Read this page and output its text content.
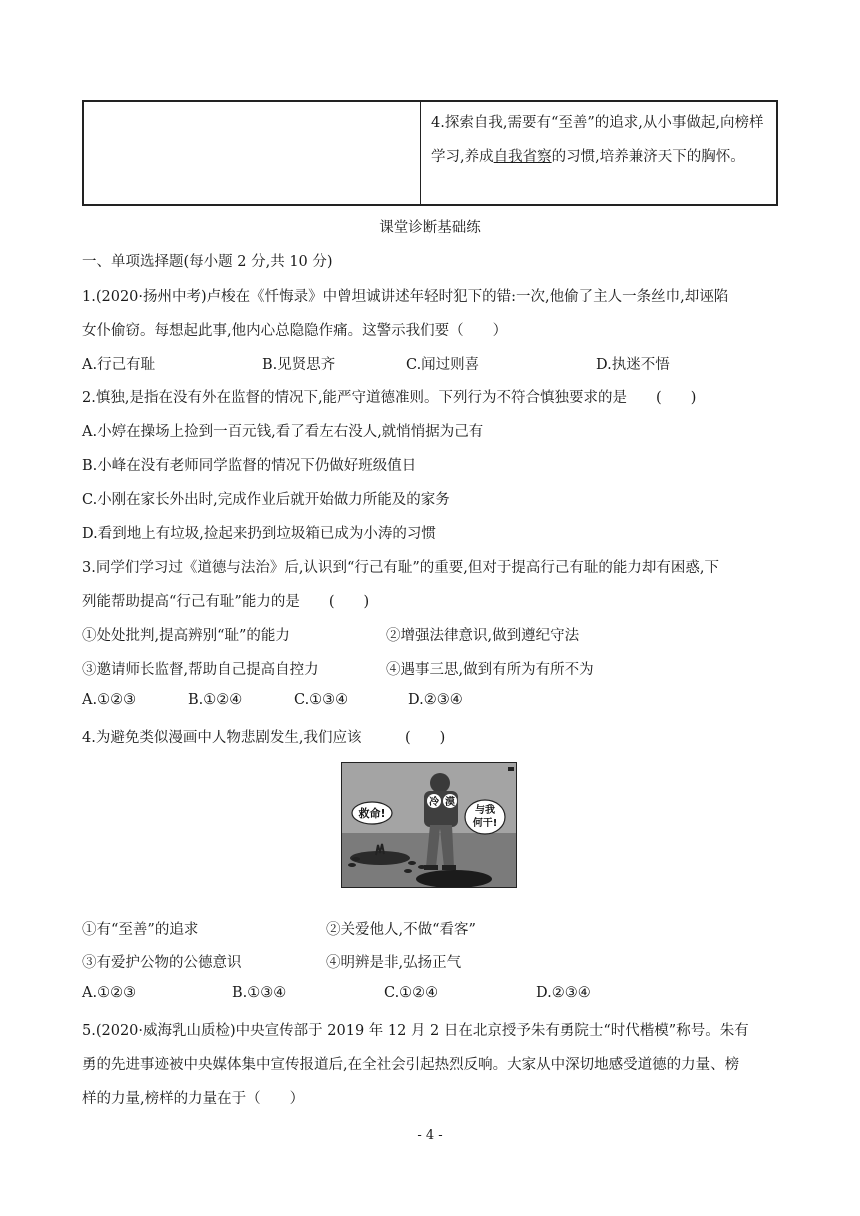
4.探索自我,需要有“至善”的追求,从小事做起,向榜样学习,养成自我省察的习惯,培养兼济天下的胸怀。
课堂诊断基础练
一、单项选择题(每小题 2 分,共 10 分)
1.(2020·扬州中考)卢梭在《忏悔录》中曾坦诚讲述年轻时犯下的错:一次,他偷了主人一条丝巾,却诬陷
女仆偷窃。每想起此事,他内心总隐隐作痛。这警示我们要（　　）
A.行己有耻	B.见贤思齐	C.闻过则喜	D.执迷不悟
2.慎独,是指在没有外在监督的情况下,能严守道德准则。下列行为不符合慎独要求的是　　(　　)
A.小婷在操场上捡到一百元钱,看了看左右没人,就悄悄据为己有
B.小峰在没有老师同学监督的情况下仍做好班级值日
C.小刚在家长外出时,完成作业后就开始做力所能及的家务
D.看到地上有垃圾,捡起来扔到垃圾箱已成为小涛的习惯
3.同学们学习过《道德与法治》后,认识到“行己有耻”的重要,但对于提高行己有耻的能力却有困惑,下
列能帮助提高“行己有耻”能力的是　　(　　)
①处处批判,提高辨别“耻”的能力	②增强法律意识,做到遵纪守法
③邀请师长监督,帮助自己提高自控力	④遇事三思,做到有所为有所不为
A.①②③	B.①②④	C.①③④	D.②③④
4.为避免类似漫画中人物悲剧发生,我们应该　　　(　　)
救命!	与我
何干!
冷 漠
①有“至善”的追求	②关爱他人,不做“看客”
③有爱护公物的公德意识	④明辨是非,弘扬正气
A.①②③	B.①③④	C.①②④	D.②③④
5.(2020·威海乳山质检)中央宣传部于 2019 年 12 月 2 日在北京授予朱有勇院士“时代楷模”称号。朱有
勇的先进事迹被中央媒体集中宣传报道后,在全社会引起热烈反响。大家从中深切地感受道德的力量、榜
样的力量,榜样的力量在于（　　）
- 4 -
